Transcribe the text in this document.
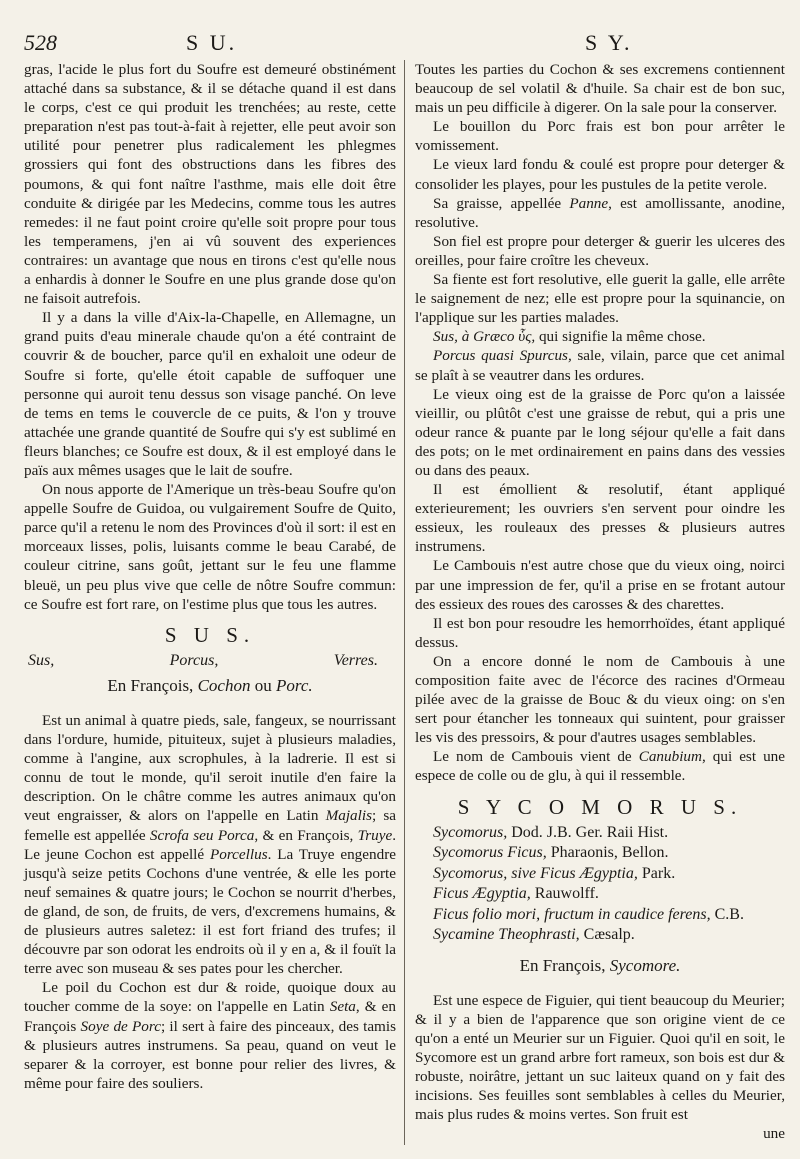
528	S U.	S Y.

gras, l'acide le plus fort du Soufre est demeuré obstinément attaché dans sa substance, & il se détache quand il est dans le corps, c'est ce qui produit les trenchées; au reste, cette preparation n'est pas tout-à-fait à rejetter, elle peut avoir son utilité pour penetrer plus radicalement les phlegmes grossiers qui font des obstructions dans les fibres des poumons, & qui font naître l'asthme, mais elle doit être conduite & dirigée par les Medecins, comme tous les autres remedes: il ne faut point croire qu'elle soit propre pour tous les temperamens, j'en ai vû souvent des experiences contraires: un avantage que nous en tirons c'est qu'elle nous a enhardis à donner le Soufre en une plus grande dose qu'on ne faisoit autrefois.

Il y a dans la ville d'Aix-la-Chapelle, en Allemagne, un grand puits d'eau minerale chaude qu'on a été contraint de couvrir & de boucher, parce qu'il en exhaloit une odeur de Soufre si forte, qu'elle étoit capable de suffoquer une personne qui auroit tenu dessus son visage panché. On leve de tems en tems le couvercle de ce puits, & l'on y trouve attachée une grande quantité de Soufre qui s'y est sublimé en fleurs blanches; ce Soufre est doux, & il est employé dans le païs aux mêmes usages que le lait de soufre.

On nous apporte de l'Amerique un très-beau Soufre qu'on appelle Soufre de Guidoa, ou vulgairement Soufre de Quito, parce qu'il a retenu le nom des Provinces d'où il sort: il est en morceaux lisses, polis, luisants comme le beau Carabé, de couleur citrine, sans goût, jettant sur le feu une flamme bleuë, un peu plus vive que celle de nôtre Soufre commun: ce Soufre est fort rare, on l'estime plus que tous les autres.

S U S.
Sus,	Porcus,	Verres.
En François, Cochon ou Porc.

Est un animal à quatre pieds, sale, fangeux, se nourrissant dans l'ordure, humide, pituiteux, sujet à plusieurs maladies, comme à l'angine, aux scrophules, à la ladrerie. Il est si connu de tout le monde, qu'il seroit inutile d'en faire la description. On le châtre comme les autres animaux qu'on veut engraisser, & alors on l'appelle en Latin Majalis; sa femelle est appellée Scrofa seu Porca, & en François, Truye. Le jeune Cochon est appellé Porcellus. La Truye engendre jusqu'à seize petits Cochons d'une ventrée, & elle les porte neuf semaines & quatre jours; le Cochon se nourrit d'herbes, de gland, de son, de fruits, de vers, d'excremens humains, & de plusieurs autres saletez: il est fort friand des trufes; il découvre par son odorat les endroits où il y en a, & il fouït la terre avec son museau & ses pates pour les chercher.

Le poil du Cochon est dur & roide, quoique doux au toucher comme de la soye: on l'appelle en Latin Seta, & en François Soye de Porc; il sert à faire des pinceaux, des tamis & plusieurs autres instrumens. Sa peau, quand on veut le separer & la corroyer, est bonne pour relier des livres, & même pour faire des souliers.

Toutes les parties du Cochon & ses excremens contiennent beaucoup de sel volatil & d'huile. Sa chair est de bon suc, mais un peu difficile à digerer. On la sale pour la conserver.

Le bouillon du Porc frais est bon pour arrêter le vomissement.

Le vieux lard fondu & coulé est propre pour deterger & consolider les playes, pour les pustules de la petite verole.

Sa graisse, appellée Panne, est amollissante, anodine, resolutive.

Son fiel est propre pour deterger & guerir les ulceres des oreilles, pour faire croître les cheveux.

Sa fiente est fort resolutive, elle guerit la galle, elle arrête le saignement de nez; elle est propre pour la squinancie, on l'applique sur les parties malades.

Sus, à Græco ὗς, qui signifie la même chose.

Porcus quasi Spurcus, sale, vilain, parce que cet animal se plaît à se veautrer dans les ordures.

Le vieux oing est de la graisse de Porc qu'on a laissée vieillir, ou plûtôt c'est une graisse de rebut, qui a pris une odeur rance & puante par le long séjour qu'elle a fait dans des pots; on le met ordinairement en pains dans des vessies ou dans des peaux.

Il est émollient & resolutif, étant appliqué exterieurement; les ouvriers s'en servent pour oindre les essieux, les rouleaux des presses & plusieurs autres instrumens.

Le Cambouis n'est autre chose que du vieux oing, noirci par une impression de fer, qu'il a prise en se frotant autour des essieux des roues des carosses & des charettes.

Il est bon pour resoudre les hemorrhoïdes, étant appliqué dessus.

On a encore donné le nom de Cambouis à une composition faite avec de l'écorce des racines d'Ormeau pilée avec de la graisse de Bouc & du vieux oing: on s'en sert pour étancher les tonneaux qui suintent, pour graisser les vis des pressoirs, & pour d'autres usages semblables.

Le nom de Cambouis vient de Canubium, qui est une espece de colle ou de glu, à qui il ressemble.

S Y C O M O R U S.
Sycomorus, Dod. J.B. Ger. Raii Hist.
Sycomorus Ficus, Pharaonis, Bellon.
Sycomorus, sive Ficus Ægyptia, Park.
Ficus Ægyptia, Rauwolff.
Ficus folio mori, fructum in caudice ferens, C.B.
Sycamine Theophrasti, Cæsalp.
En François, Sycomore.

Est une espece de Figuier, qui tient beaucoup du Meurier; & il y a bien de l'apparence que son origine vient de ce qu'on a enté un Meurier sur un Figuier. Quoi qu'il en soit, le Sycomore est un grand arbre fort rameux, son bois est dur & robuste, noirâtre, jettant un suc laiteux quand on y fait des incisions. Ses feuilles sont semblables à celles du Meurier, mais plus rudes & moins vertes. Son fruit est

une
